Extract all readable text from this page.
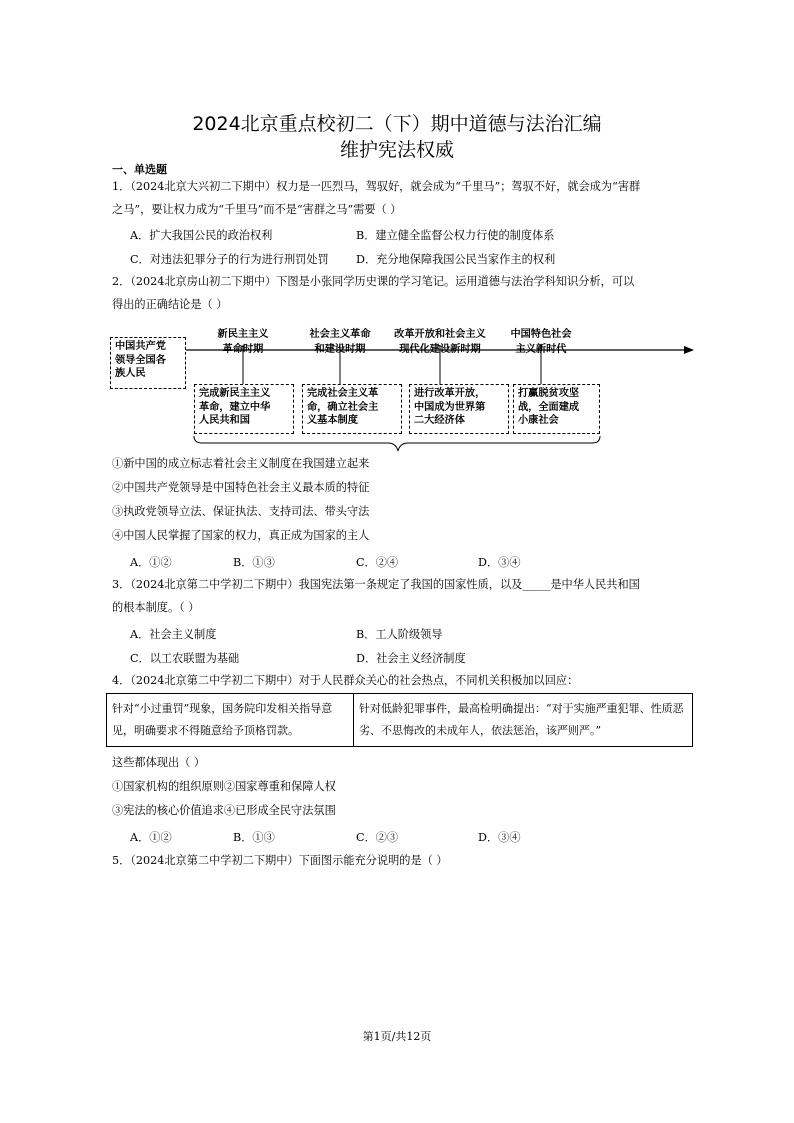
2024北京重点校初二（下）期中道德与法治汇编
维护宪法权威
一、单选题
1．（2024北京大兴初二下期中）权力是一匹烈马，驾驭好，就会成为“千里马”；驾驭不好，就会成为“害群
之马”，要让权力成为“千里马”而不是“害群之马”需要（ ）
A．扩大我国公民的政治权利	B．建立健全监督公权力行使的制度体系
C．对违法犯罪分子的行为进行刑罚处罚 D．充分地保障我国公民当家作主的权利
2．（2024北京房山初二下期中）下图是小张同学历史课的学习笔记。运用道德与法治学科知识分析，可以
得出的正确结论是（ ）
中国共产党
领导全国各
族人民
新民主主义
革命时期
社会主义革命
和建设时期
改革开放和社会主义
现代化建设新时期
中国特色社会
主义新时代
完成新民主主义
革命，建立中华
人民共和国
完成社会主义革
命，确立社会主
义基本制度
进行改革开放，
中国成为世界第
二大经济体
打赢脱贫攻坚
战，全面建成
小康社会
①新中国的成立标志着社会主义制度在我国建立起来
②中国共产党领导是中国特色社会主义最本质的特征
③执政党领导立法、保证执法、支持司法、带头守法
④中国人民掌握了国家的权力，真正成为国家的主人
A．①②	B．①③	C．②④	D．③④
3．（2024北京第二中学初二下期中）我国宪法第一条规定了我国的国家性质，以及_____是中华人民共和国
的根本制度。（ ）
A．社会主义制度	B．工人阶级领导
C．以工农联盟为基础	D．社会主义经济制度
4．（2024北京第二中学初二下期中）对于人民群众关心的社会热点，不同机关积极加以回应：
针对“小过重罚”现象，国务院印发相关指导意见，明确要求不得随意给予顶格罚款。	针对低龄犯罪事件，最高检明确提出：“对于实施严重犯罪、性质恶劣、不思悔改的未成年人，依法惩治，该严则严。”
这些都体现出（ ）
①国家机构的组织原则②国家尊重和保障人权
③宪法的核心价值追求④已形成全民守法氛围
A．①②	B．①③	C．②③	D．③④
5．（2024北京第二中学初二下期中）下面图示能充分说明的是（ ）
第1页/共12页
